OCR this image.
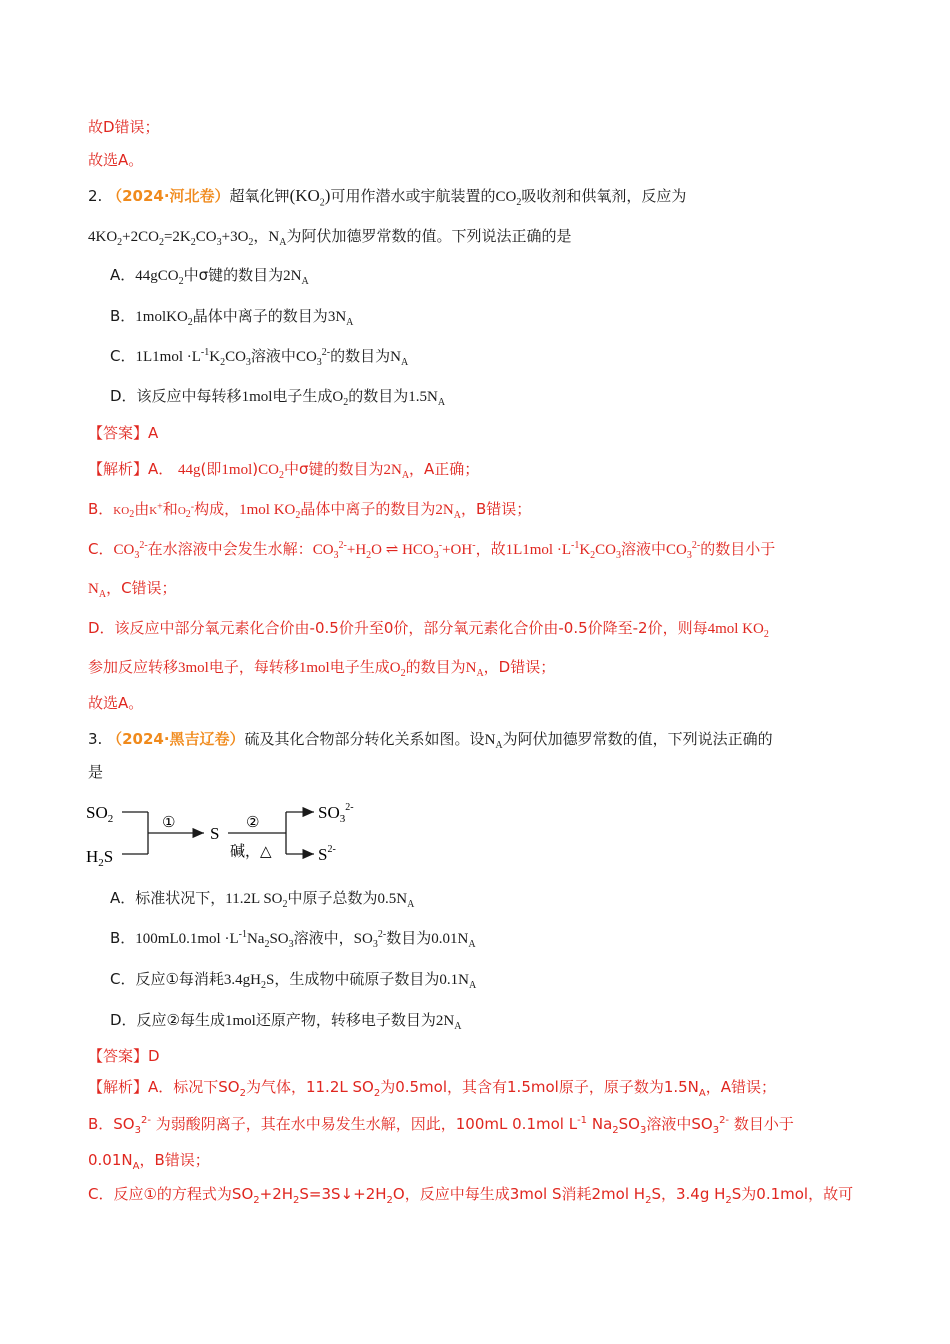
故D错误；
故选A。
2. （2024·河北卷）超氧化钾$(KO_2)$可用作潜水或宇航装置的$CO_2$吸收剂和供氧剂，反应为
$4KO_2+2CO_2=2K_2CO_3+3O_2$，$N_A$为阿伏加德罗常数的值。下列说法正确的是
A．44gCO$_2$中σ键的数目为$2N_A$
B．1molKO$_2$晶体中离子的数目为$3N_A$
C．$1L1mol \cdot L^{-1}K_2CO_3$溶液中$CO_3^{2-}$的数目为$N_A$
D．该反应中每转移1mol电子生成$O_2$的数目为$1.5N_A$
【答案】A
【解析】A． 44g(即$1mol)CO_2$中σ键的数目为$2N_A$，A正确；
B．$KO_2$由K+和$O_2^-$构成，1mol $KO_2$晶体中离子的数目为$2N_A$，B错误；
C．$CO_3^{2-}$在水溶液中会发生水解：$CO_3^{2-}+H_2O$ ⇌ $HCO_3^-+OH^-$，故$1L1mol \cdot L^{-1}K_2CO_3$溶液中$CO_3^{2-}$的数目小于
$N_A$，C错误；
D．该反应中部分氧元素化合价由-0.5价升至0价，部分氧元素化合价由-0.5价降至-2价，则每4mol $KO_2$
参加反应转移3mol电子，每转移1mol电子生成$O_2$的数目为$N_A$，D错误；
故选A。
3. （2024·黑吉辽卷）硫及其化合物部分转化关系如图。设$N_A$为阿伏加德罗常数的值，下列说法正确的
是
$SO_2$
$H_2S$
①
S
②
碱，△
$SO_3^{2-}$
$S^{2-}$
A．标准状况下，11.2L $SO_2$中原子总数为$0.5N_A$
B．$100mL0.1mol \cdot L^{-1}Na_2SO_3$溶液中，$SO_3^{2-}$数目为$0.01N_A$
C．反应①每消耗$3.4gH_2S$，生成物中硫原子数目为$0.1N_A$
D．反应②每生成1mol还原产物，转移电子数目为$2N_A$
【答案】D
【解析】A．标况下$SO_2$为气体，11.2L $SO_2$为0.5mol，其含有1.5mol原子，原子数为$1.5N_A$，A错误；
B．$SO_3^{2-}$ 为弱酸阴离子，其在水中易发生水解，因此，100mL 0.1mol $L^{-1}$ $Na_2SO_3$溶液中$SO_3^{2-}$ 数目小于
$0.01N_A$，B错误；
C．反应①的方程式为$SO_2+2H_2S=3S↓+2H_2O$，反应中每生成3mol S消耗2mol $H_2S$，3.4g $H_2S$为0.1mol，故可
